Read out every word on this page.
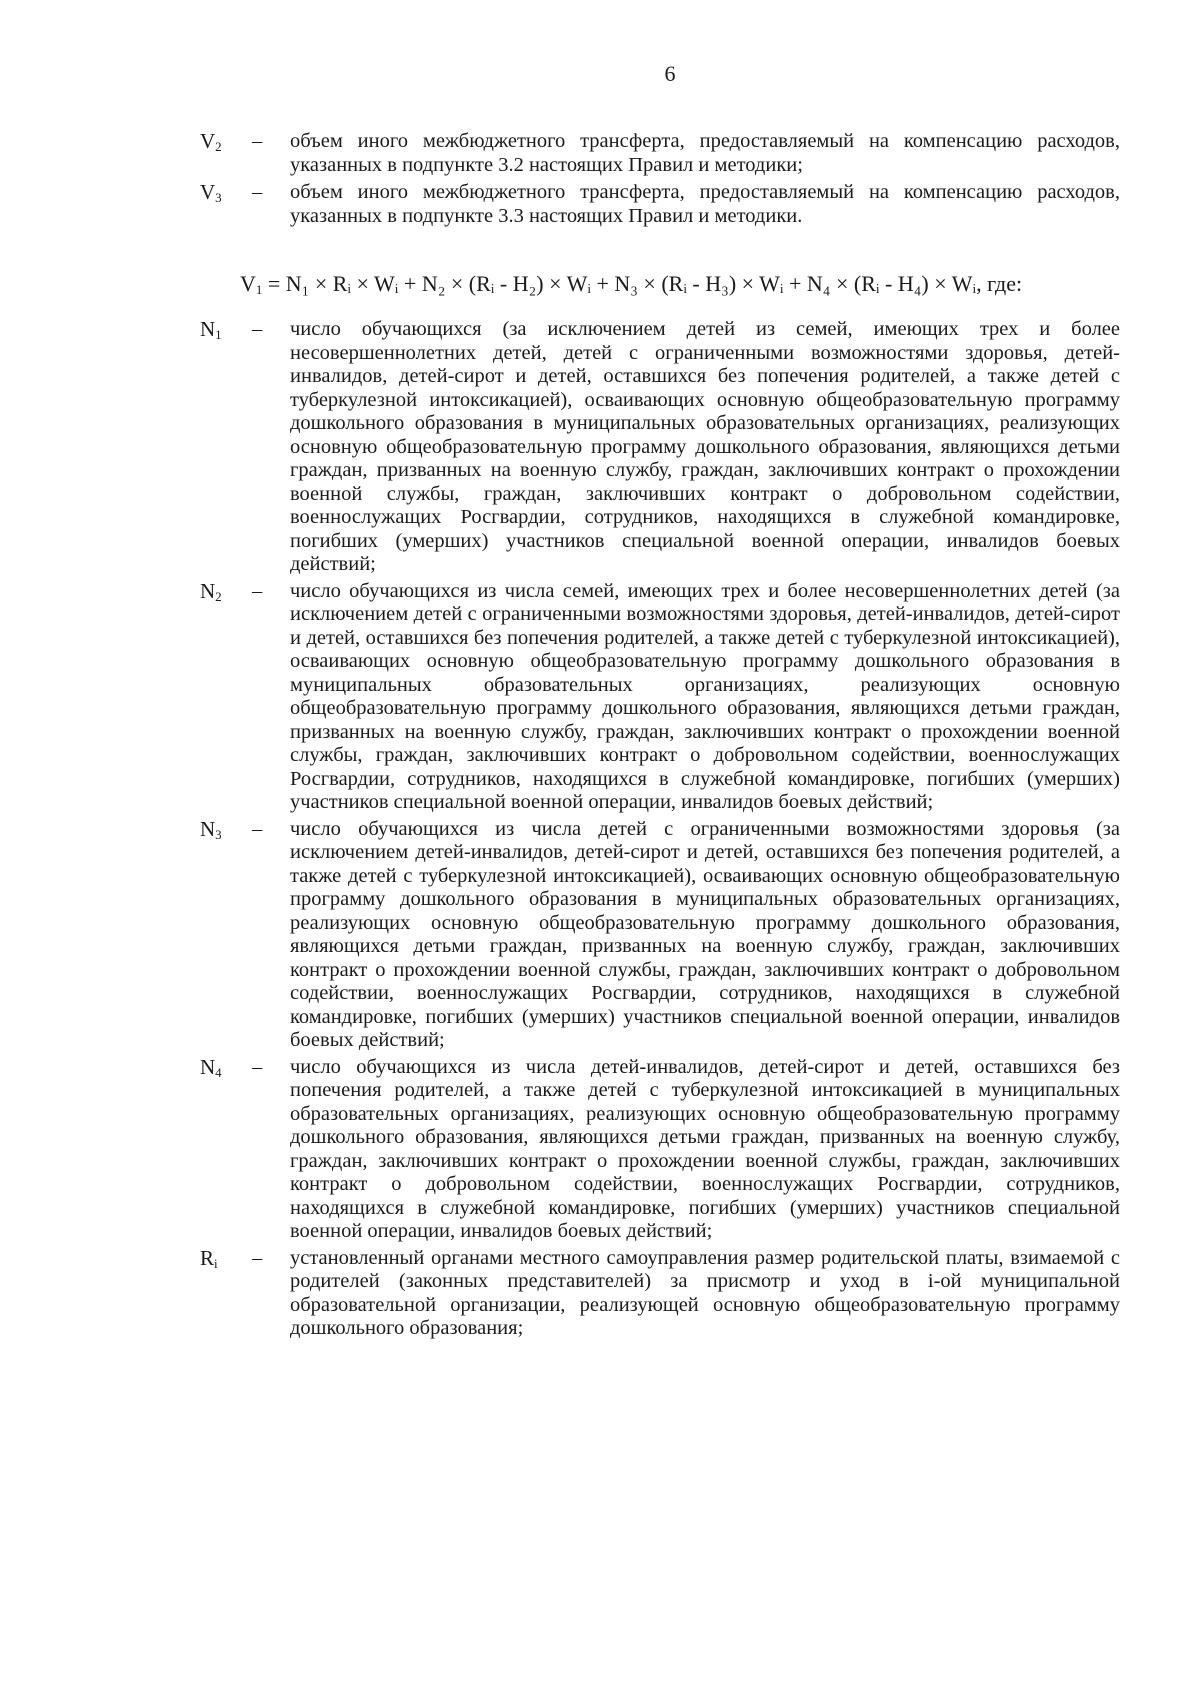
6
$V_2$ – объем иного межбюджетного трансферта, предоставляемый на компенсацию расходов, указанных в подпункте 3.2 настоящих Правил и методики;
$V_3$ – объем иного межбюджетного трансферта, предоставляемый на компенсацию расходов, указанных в подпункте 3.3 настоящих Правил и методики.
$V_1 = N_1$ × Rᵢ × Wᵢ + N₂ × (Rᵢ - H₂) × Wᵢ + N₃ × (Rᵢ - H₃) × Wᵢ + N₄ × (Rᵢ - H₄) × Wᵢ, где:
$N_1$ – число обучающихся (за исключением детей из семей, имеющих трех и более несовершеннолетних детей, детей с ограниченными возможностями здоровья, детей-инвалидов, детей-сирот и детей, оставшихся без попечения родителей, а также детей с туберкулезной интоксикацией), осваивающих основную общеобразовательную программу дошкольного образования в муниципальных образовательных организациях, реализующих основную общеобразовательную программу дошкольного образования, являющихся детьми граждан, призванных на военную службу, граждан, заключивших контракт о прохождении военной службы, граждан, заключивших контракт о добровольном содействии, военнослужащих Росгвардии, сотрудников, находящихся в служебной командировке, погибших (умерших) участников специальной военной операции, инвалидов боевых действий;
$N_2$ – число обучающихся из числа семей, имеющих трех и более несовершеннолетних детей (за исключением детей с ограниченными возможностями здоровья, детей-инвалидов, детей-сирот и детей, оставшихся без попечения родителей, а также детей с туберкулезной интоксикацией), осваивающих основную общеобразовательную программу дошкольного образования в муниципальных образовательных организациях, реализующих основную общеобразовательную программу дошкольного образования, являющихся детьми граждан, призванных на военную службу, граждан, заключивших контракт о прохождении военной службы, граждан, заключивших контракт о добровольном содействии, военнослужащих Росгвардии, сотрудников, находящихся в служебной командировке, погибших (умерших) участников специальной военной операции, инвалидов боевых действий;
$N_3$ – число обучающихся из числа детей с ограниченными возможностями здоровья (за исключением детей-инвалидов, детей-сирот и детей, оставшихся без попечения родителей, а также детей с туберкулезной интоксикацией), осваивающих основную общеобразовательную программу дошкольного образования в муниципальных образовательных организациях, реализующих основную общеобразовательную программу дошкольного образования, являющихся детьми граждан, призванных на военную службу, граждан, заключивших контракт о прохождении военной службы, граждан, заключивших контракт о добровольном содействии, военнослужащих Росгвардии, сотрудников, находящихся в служебной командировке, погибших (умерших) участников специальной военной операции, инвалидов боевых действий;
$N_4$ – число обучающихся из числа детей-инвалидов, детей-сирот и детей, оставшихся без попечения родителей, а также детей с туберкулезной интоксикацией в муниципальных образовательных организациях, реализующих основную общеобразовательную программу дошкольного образования, являющихся детьми граждан, призванных на военную службу, граждан, заключивших контракт о прохождении военной службы, граждан, заключивших контракт о добровольном содействии, военнослужащих Росгвардии, сотрудников, находящихся в служебной командировке, погибших (умерших) участников специальной военной операции, инвалидов боевых действий;
$R_i$ – установленный органами местного самоуправления размер родительской платы, взимаемой с родителей (законных представителей) за присмотр и уход в i-ой муниципальной образовательной организации, реализующей основную общеобразовательную программу дошкольного образования;
